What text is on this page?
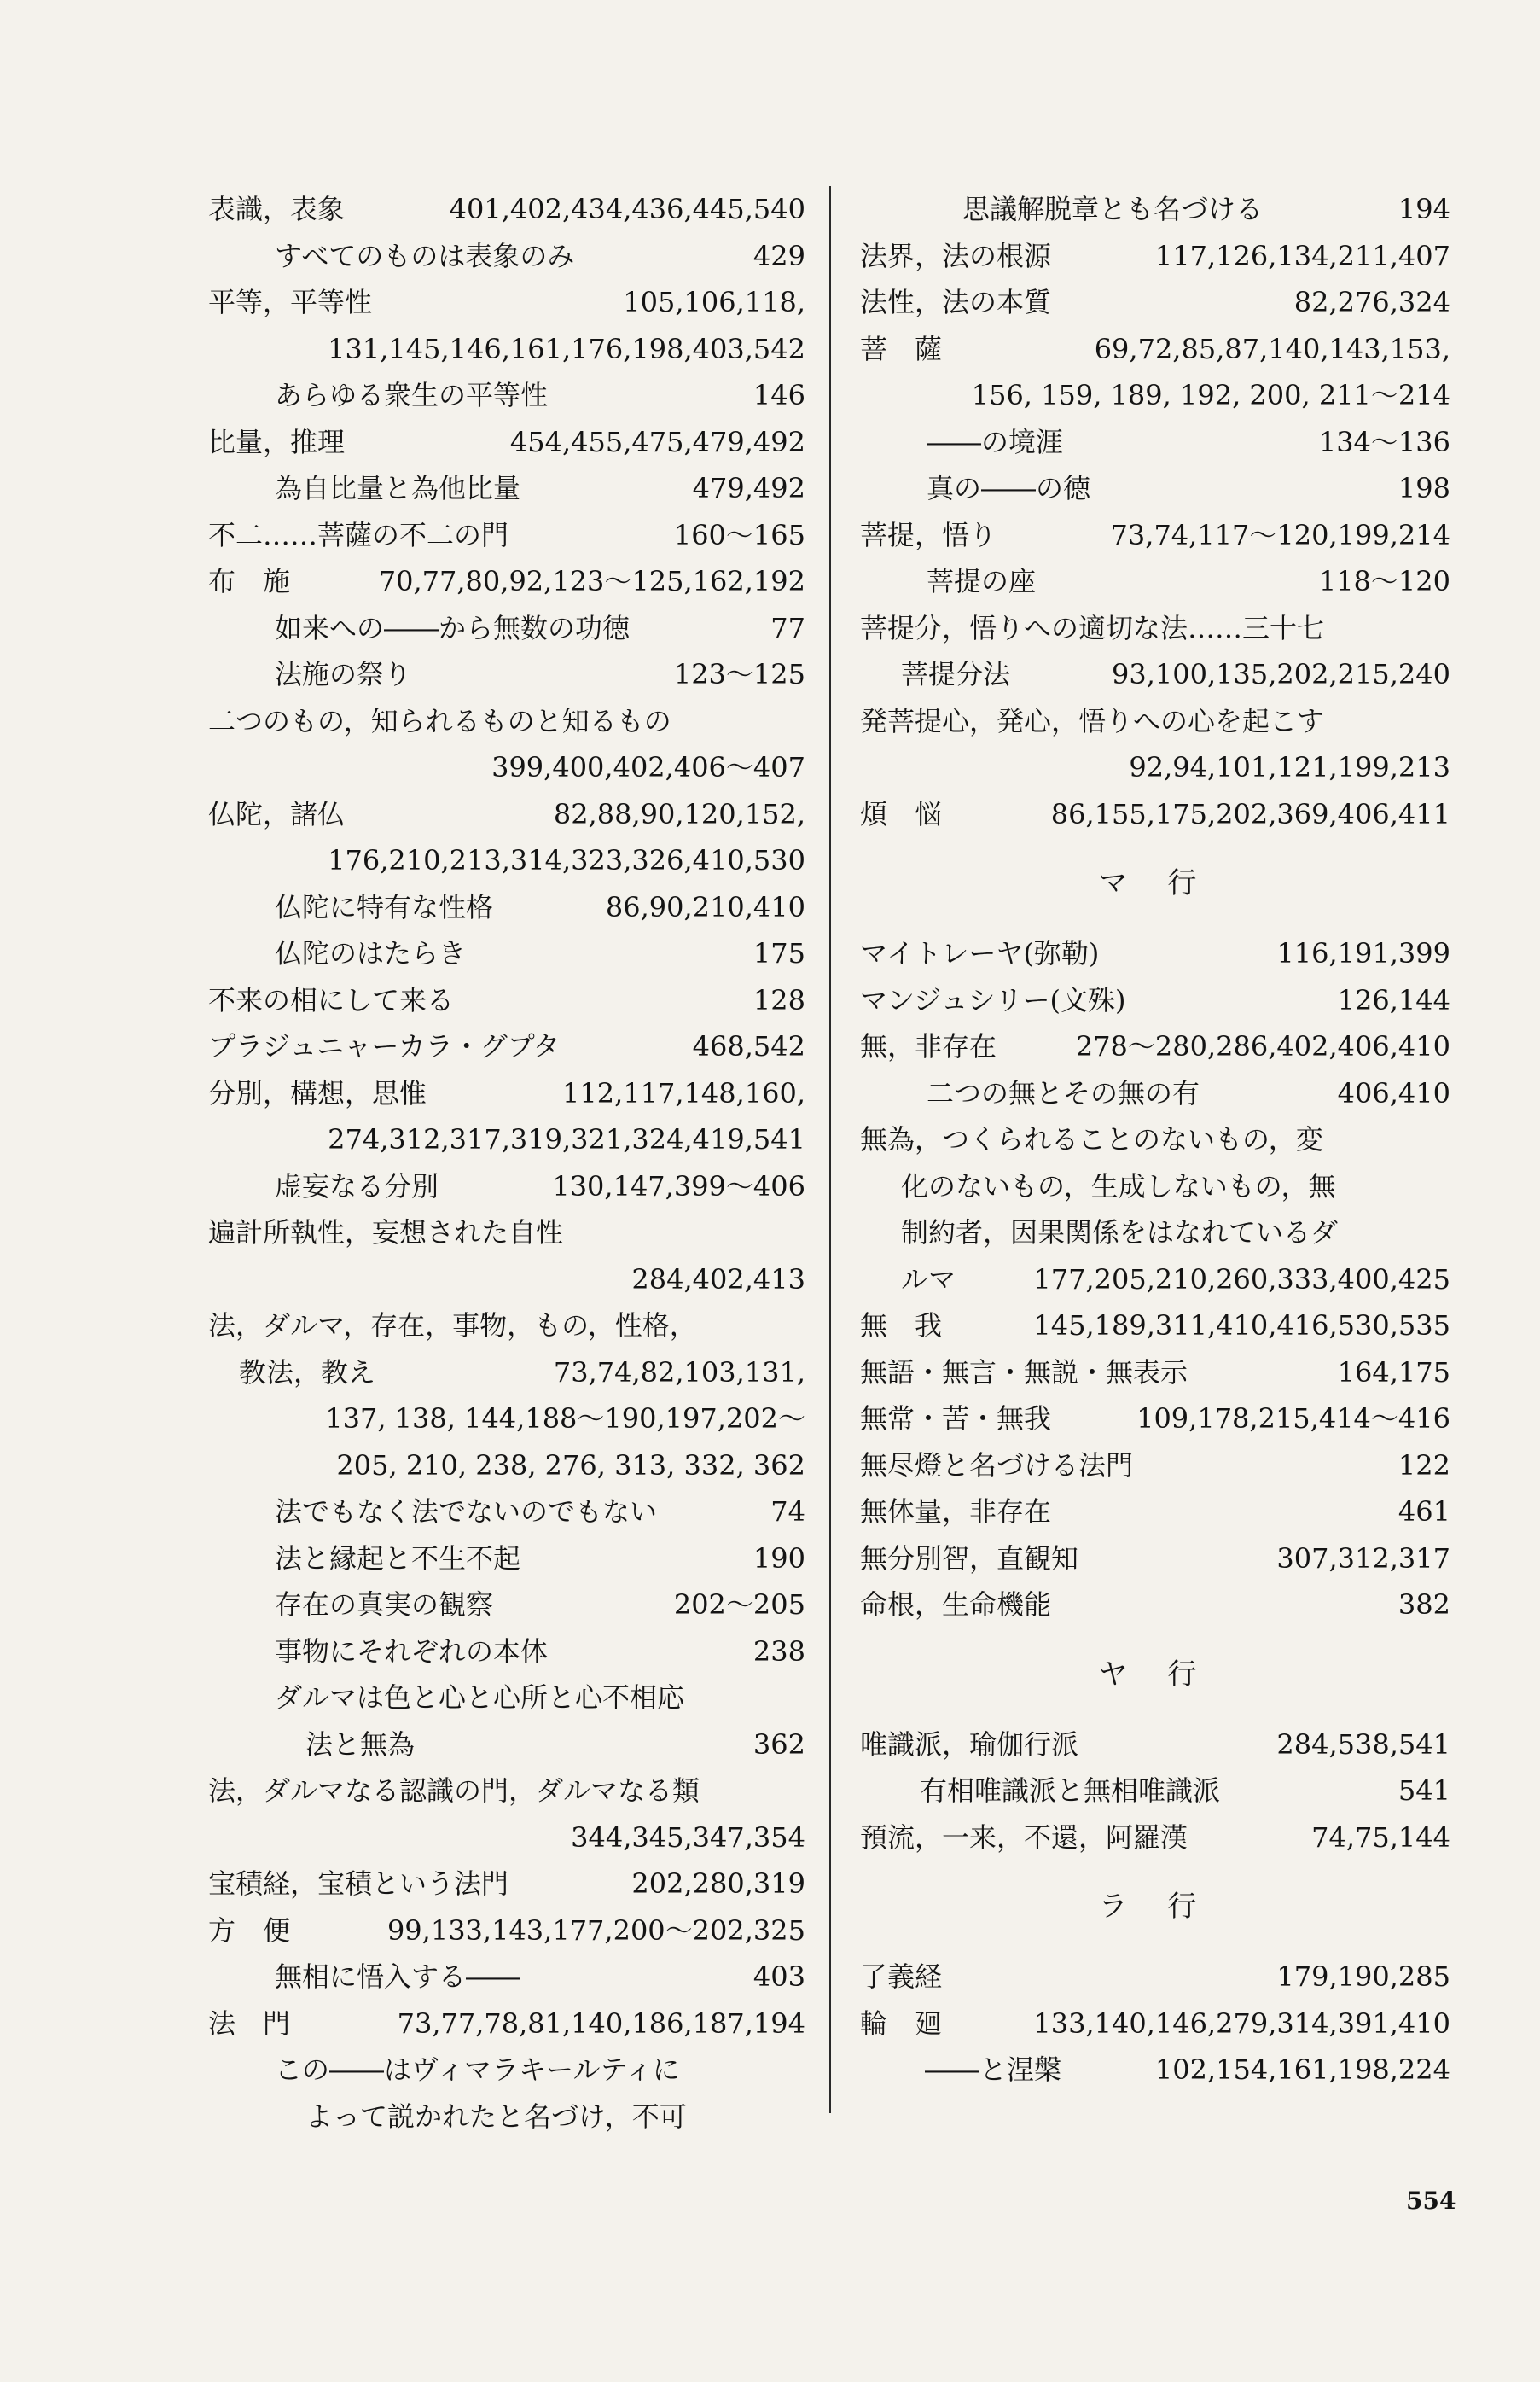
表識，表象	401,402,434,436,445,540
すべてのものは表象のみ	429
平等，平等性	105,106,118,
131,145,146,161,176,198,403,542
あらゆる衆生の平等性	146
比量，推理	454,455,475,479,492
為自比量と為他比量	479,492
不二……菩薩の不二の門	160〜165
布　施	70,77,80,92,123〜125,162,192
如来への――から無数の功徳	77
法施の祭り	123〜125
二つのもの，知られるものと知るもの
399,400,402,406〜407
仏陀，諸仏	82,88,90,120,152,
176,210,213,314,323,326,410,530
仏陀に特有な性格	86,90,210,410
仏陀のはたらき	175
不来の相にして来る	128
プラジュニャーカラ・グプタ	468,542
分別，構想，思惟	112,117,148,160,
274,312,317,319,321,324,419,541
虚妄なる分別	130,147,399〜406
遍計所執性，妄想された自性
284,402,413
法，ダルマ，存在，事物，もの，性格，
教法，教え	73,74,82,103,131,
137, 138, 144,188〜190,197,202〜
205, 210, 238, 276, 313, 332, 362
法でもなく法でないのでもない	74
法と縁起と不生不起	190
存在の真実の観察	202〜205
事物にそれぞれの本体	238
ダルマは色と心と心所と心不相応
法と無為	362
法，ダルマなる認識の門，ダルマなる類
344,345,347,354
宝積経，宝積という法門	202,280,319
方　便	99,133,143,177,200〜202,325
無相に悟入する――	403
法　門	73,77,78,81,140,186,187,194
この――はヴィマラキールティに
よって説かれたと名づけ，不可
思議解脱章とも名づける	194
法界，法の根源	117,126,134,211,407
法性，法の本質	82,276,324
菩　薩	69,72,85,87,140,143,153,
156, 159, 189, 192, 200, 211〜214
――の境涯	134〜136
真の――の徳	198
菩提，悟り	73,74,117〜120,199,214
菩提の座	118〜120
菩提分，悟りへの適切な法……三十七
菩提分法	93,100,135,202,215,240
発菩提心，発心，悟りへの心を起こす
92,94,101,121,199,213
煩　悩	86,155,175,202,369,406,411
マ 行
マイトレーヤ(弥勒)	116,191,399
マンジュシリー(文殊)	126,144
無，非存在	278〜280,286,402,406,410
二つの無とその無の有	406,410
無為，つくられることのないもの，変
化のないもの，生成しないもの，無
制約者，因果関係をはなれているダ
ルマ	177,205,210,260,333,400,425
無　我	145,189,311,410,416,530,535
無語・無言・無説・無表示	164,175
無常・苦・無我	109,178,215,414〜416
無尽燈と名づける法門	122
無体量，非存在	461
無分別智，直観知	307,312,317
命根，生命機能	382
ヤ 行
唯識派，瑜伽行派	284,538,541
有相唯識派と無相唯識派	541
預流，一来，不還，阿羅漢	74,75,144
ラ 行
了義経	179,190,285
輪　廻	133,140,146,279,314,391,410
――と涅槃	102,154,161,198,224
554
